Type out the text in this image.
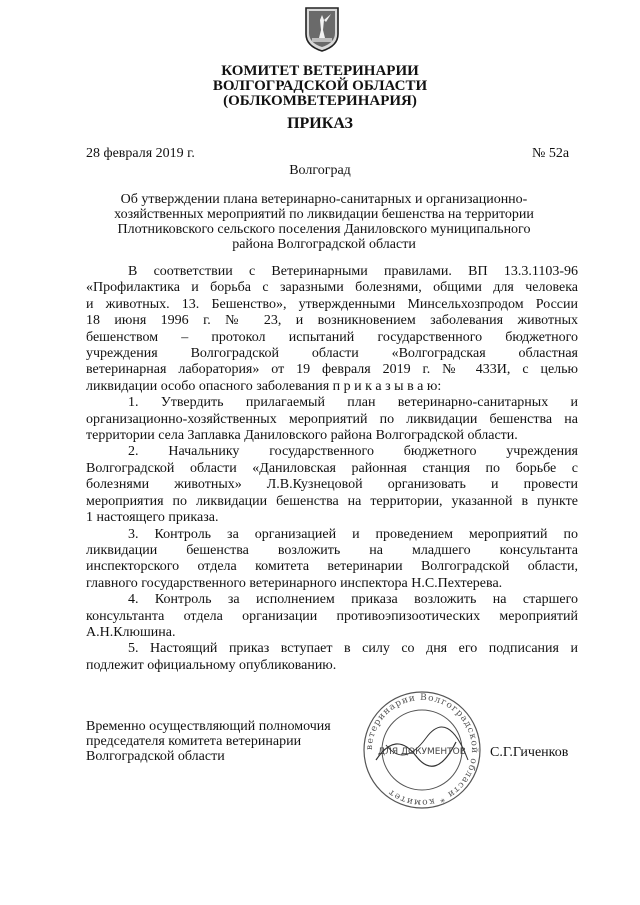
КОМИТЕТ ВЕТЕРИНАРИИ
ВОЛГОГРАДСКОЙ ОБЛАСТИ
(ОБЛКОМВЕТЕРИНАРИЯ)
ПРИКАЗ
28 февраля 2019 г.	№ 52а
Волгоград
Об утверждении плана ветеринарно-санитарных и организационно-
хозяйственных мероприятий по ликвидации бешенства на территории
Плотниковского сельского поселения Даниловского муниципального
района Волгоградской области
В соответствии с Ветеринарными правилами. ВП 13.3.1103-96
«Профилактика и борьба с заразными болезнями, общими для человека
и животных. 13. Бешенство», утвержденными Минсельхозпродом России
18 июня 1996 г. № 23, и возникновением заболевания животных
бешенством – протокол испытаний государственного бюджетного
учреждения Волгоградской области «Волгоградская областная
ветеринарная лаборатория» от 19 февраля 2019 г. № 433И, с целью
ликвидации особо опасного заболевания п р и к а з ы в а ю:
1. Утвердить прилагаемый план ветеринарно-санитарных и
организационно-хозяйственных мероприятий по ликвидации бешенства на
территории села Заплавка Даниловского района Волгоградской области.
2. Начальнику государственного бюджетного учреждения
Волгоградской области «Даниловская районная станция по борьбе с
болезнями животных» Л.В.Кузнецовой организовать и провести
мероприятия по ликвидации бешенства на территории, указанной в пункте
1 настоящего приказа.
3. Контроль за организацией и проведением мероприятий по
ликвидации бешенства возложить на младшего консультанта
инспекторского отдела комитета ветеринарии Волгоградской области,
главного государственного ветеринарного инспектора Н.С.Пехтерева.
4. Контроль за исполнением приказа возложить на старшего
консультанта отдела организации противоэпизоотических мероприятий
А.Н.Клюшина.
5. Настоящий приказ вступает в силу со дня его подписания и
подлежит официальному опубликованию.
Временно осуществляющий полномочия
председателя комитета ветеринарии
Волгоградской области
ветеринарии Волгоградской области * комитет
ДЛЯ ДОКУМЕНТОВ С.Г.Гиченков
